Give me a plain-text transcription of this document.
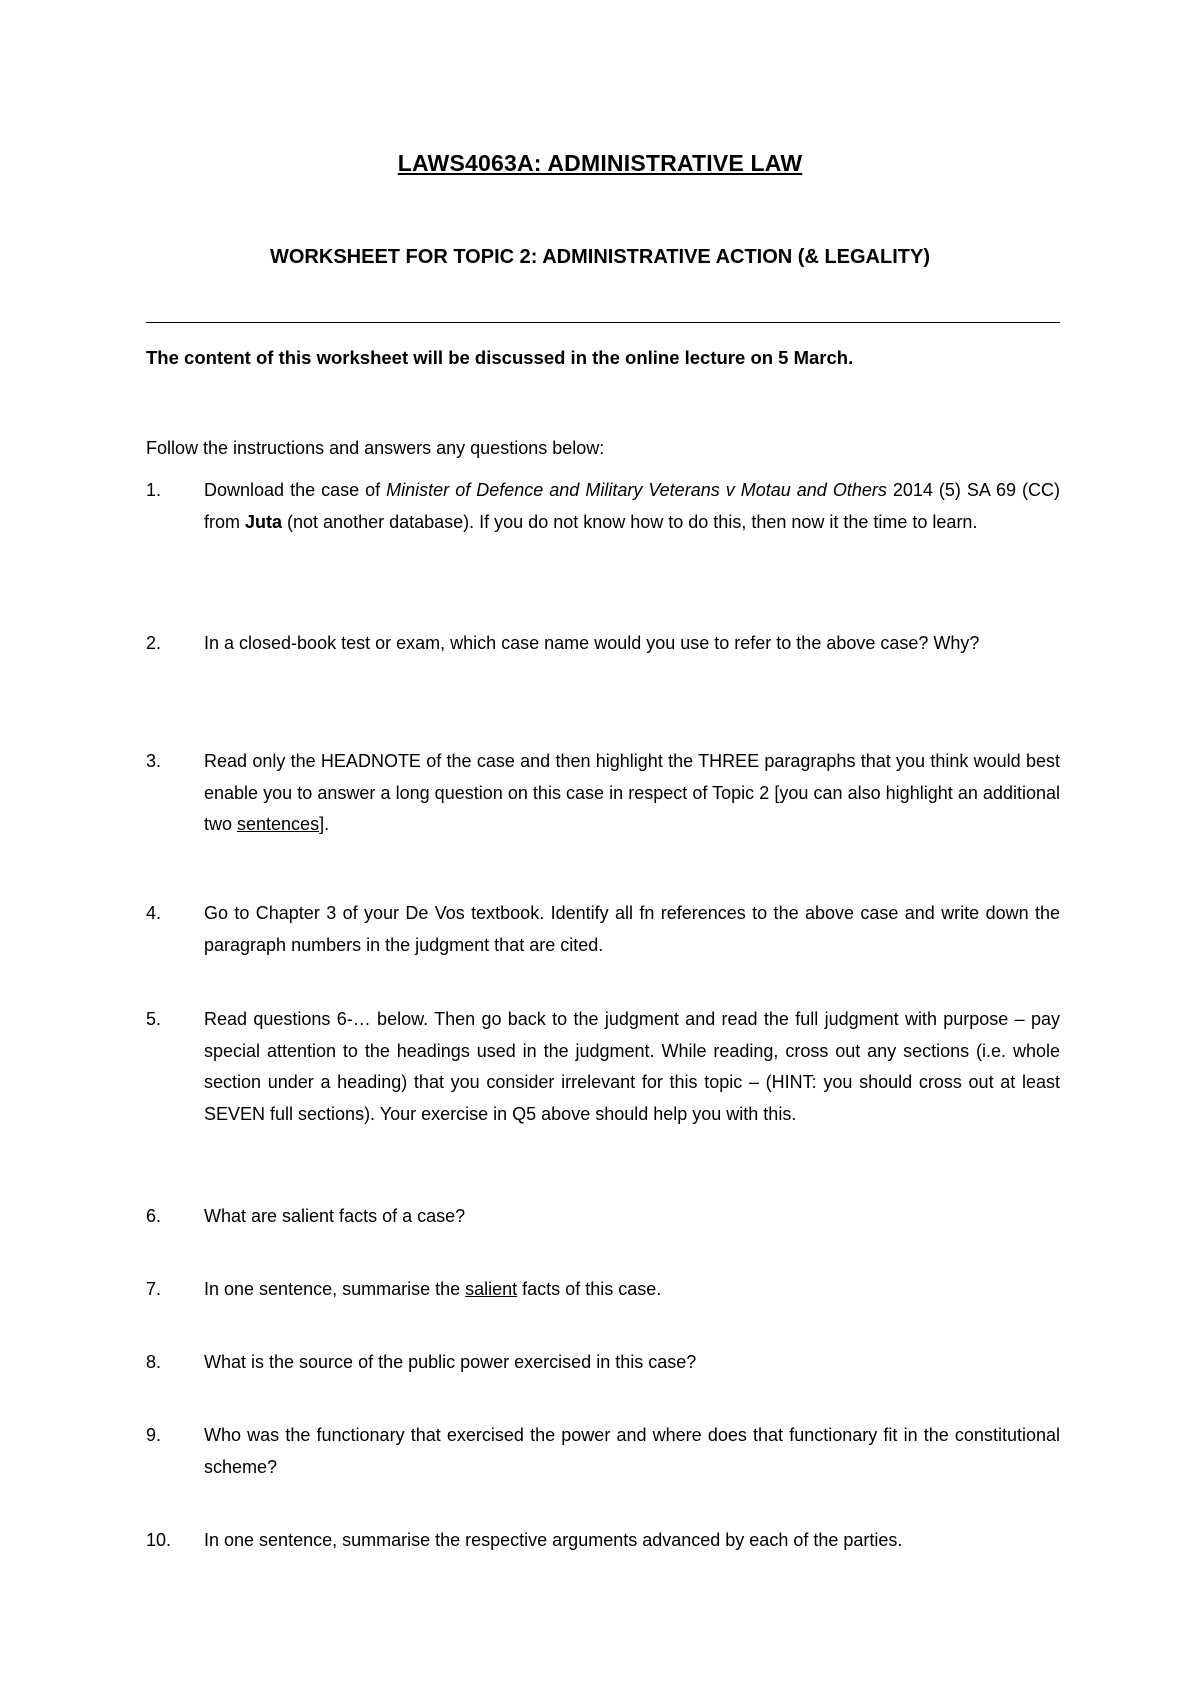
LAWS4063A: ADMINISTRATIVE LAW
WORKSHEET FOR TOPIC 2: ADMINISTRATIVE ACTION (& LEGALITY)
The content of this worksheet will be discussed in the online lecture on 5 March.
Follow the instructions and answers any questions below:
1. Download the case of Minister of Defence and Military Veterans v Motau and Others 2014 (5) SA 69 (CC) from Juta (not another database). If you do not know how to do this, then now it the time to learn.
2. In a closed-book test or exam, which case name would you use to refer to the above case? Why?
3. Read only the HEADNOTE of the case and then highlight the THREE paragraphs that you think would best enable you to answer a long question on this case in respect of Topic 2 [you can also highlight an additional two sentences].
4. Go to Chapter 3 of your De Vos textbook. Identify all fn references to the above case and write down the paragraph numbers in the judgment that are cited.
5. Read questions 6-… below. Then go back to the judgment and read the full judgment with purpose – pay special attention to the headings used in the judgment. While reading, cross out any sections (i.e. whole section under a heading) that you consider irrelevant for this topic – (HINT: you should cross out at least SEVEN full sections). Your exercise in Q5 above should help you with this.
6. What are salient facts of a case?
7. In one sentence, summarise the salient facts of this case.
8. What is the source of the public power exercised in this case?
9. Who was the functionary that exercised the power and where does that functionary fit in the constitutional scheme?
10. In one sentence, summarise the respective arguments advanced by each of the parties.
